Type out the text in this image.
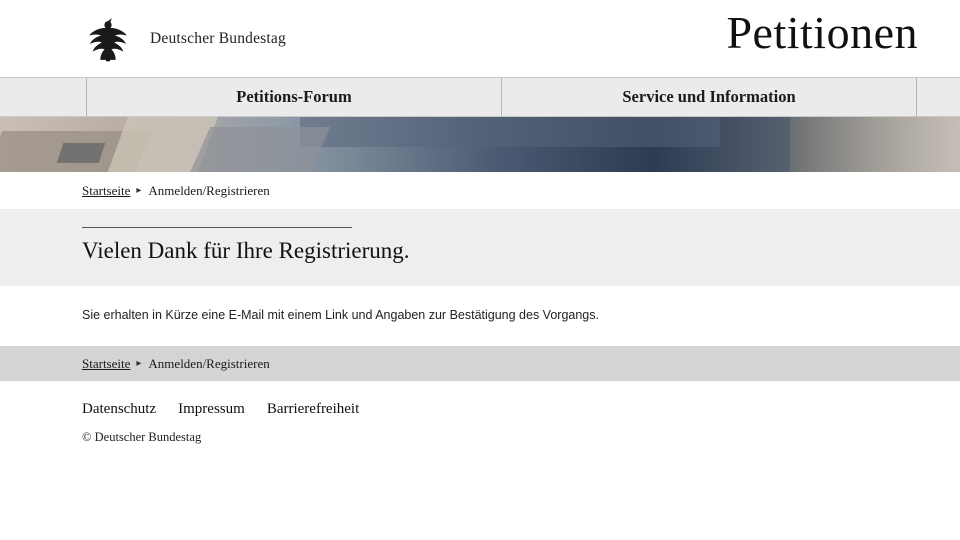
Deutscher Bundestag	Petitionen
Petitions-Forum	Service und Information
Startseite ▸ Anmelden/Registrieren
Vielen Dank für Ihre Registrierung.
Sie erhalten in Kürze eine E-Mail mit einem Link und Angaben zur Bestätigung des Vorgangs.
Startseite ▸ Anmelden/Registrieren
Datenschutz Impressum Barrierefreiheit
© Deutscher Bundestag
